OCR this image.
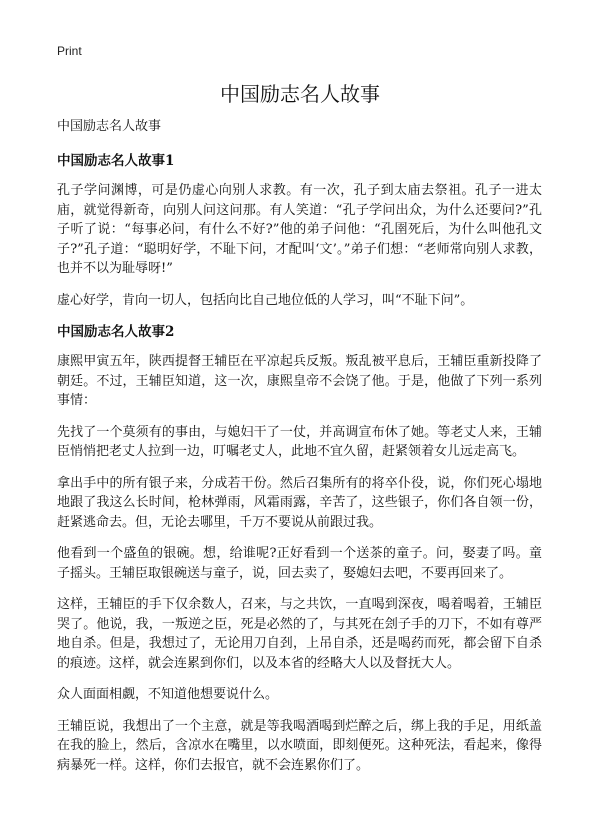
Print
中国励志名人故事

中国励志名人故事

中国励志名人故事1

孔子学问渊博，可是仍虚心向别人求教。有一次，孔子到太庙去祭祖。孔子一进太庙，就觉得新奇，向别人问这问那。有人笑道：“孔子学问出众，为什么还要问?”孔子听了说：“每事必问，有什么不好?”他的弟子问他：“孔圉死后，为什么叫他孔文子?”孔子道：“聪明好学，不耻下问，才配叫‘文’。”弟子们想：“老师常向别人求教，也并不以为耻辱呀!”

虚心好学，肯向一切人，包括向比自己地位低的人学习，叫“不耻下问”。

中国励志名人故事2

康熙甲寅五年，陕西提督王辅臣在平凉起兵反叛。叛乱被平息后，王辅臣重新投降了朝廷。不过，王辅臣知道，这一次，康熙皇帝不会饶了他。于是，他做了下列一系列事情：

先找了一个莫须有的事由，与媳妇干了一仗，并高调宣布休了她。等老丈人来，王辅臣悄悄把老丈人拉到一边，叮嘱老丈人，此地不宜久留，赶紧领着女儿远走高飞。

拿出手中的所有银子来，分成若干份。然后召集所有的将卒仆役，说，你们死心塌地地跟了我这么长时间，枪林弹雨，风霜雨露，辛苦了，这些银子，你们各自领一份，赶紧逃命去。但，无论去哪里，千万不要说从前跟过我。

他看到一个盛鱼的银碗。想，给谁呢?正好看到一个送茶的童子。问，娶妻了吗。童子摇头。王辅臣取银碗送与童子，说，回去卖了，娶媳妇去吧，不要再回来了。

这样，王辅臣的手下仅余数人，召来，与之共饮，一直喝到深夜，喝着喝着，王辅臣哭了。他说，我，一叛逆之臣，死是必然的了，与其死在刽子手的刀下，不如有尊严地自杀。但是，我想过了，无论用刀自刭，上吊自杀，还是喝药而死，都会留下自杀的痕迹。这样，就会连累到你们，以及本省的经略大人以及督抚大人。

众人面面相觑，不知道他想要说什么。

王辅臣说，我想出了一个主意，就是等我喝酒喝到烂醉之后，绑上我的手足，用纸盖在我的脸上，然后，含凉水在嘴里，以水喷面，即刻便死。这种死法，看起来，像得病暴死一样。这样，你们去报官，就不会连累你们了。
